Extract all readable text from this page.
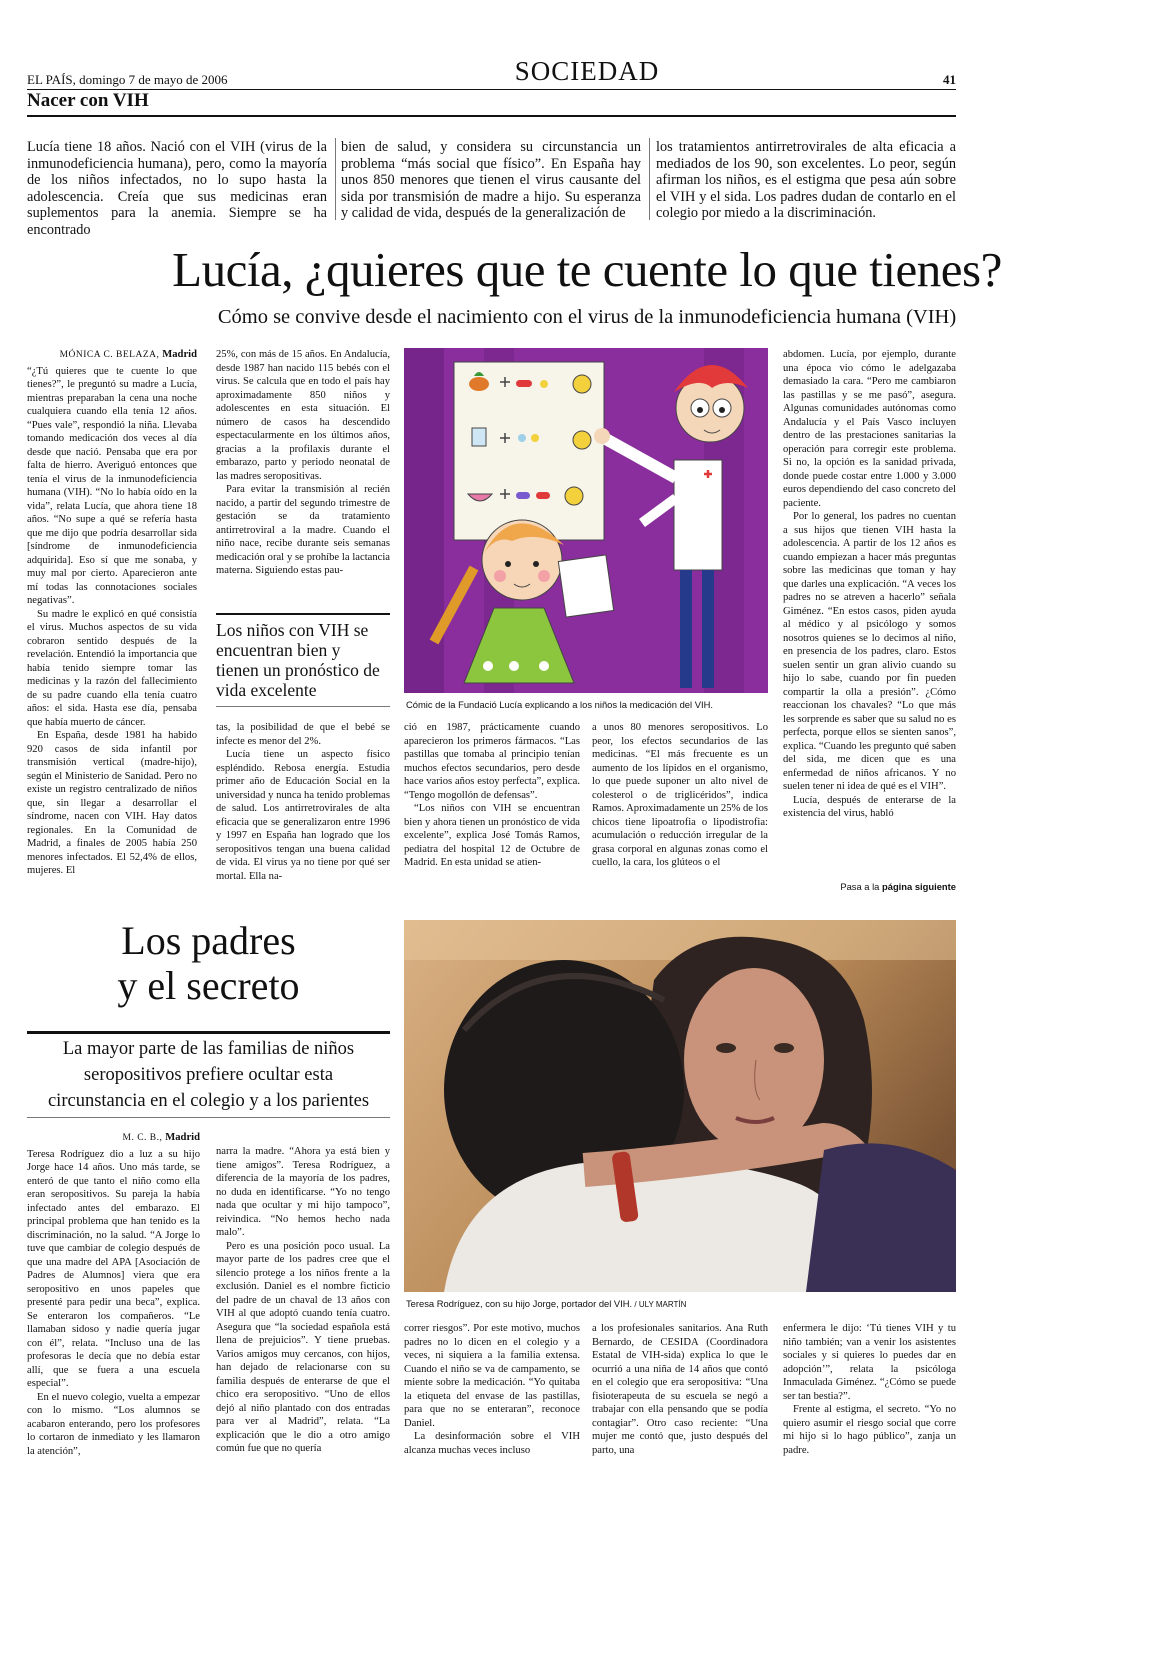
EL PAÍS, domingo 7 de mayo de 2006	SOCIEDAD	41
Nacer con VIH
Lucía tiene 18 años. Nació con el VIH (virus de la inmunodeficiencia humana), pero, como la mayoría de los niños infectados, no lo supo hasta la adolescencia. Creía que sus medicinas eran suplementos para la anemia. Siempre se ha encontrado
bien de salud, y considera su circunstancia un problema “más social que físico”. En España hay unos 850 menores que tienen el virus causante del sida por transmisión de madre a hijo. Su esperanza y calidad de vida, después de la generalización de
los tratamientos antirretrovirales de alta eficacia a mediados de los 90, son excelentes. Lo peor, según afirman los niños, es el estigma que pesa aún sobre el VIH y el sida. Los padres dudan de contarlo en el colegio por miedo a la discriminación.
Lucía, ¿quieres que te cuente lo que tienes?
Cómo se convive desde el nacimiento con el virus de la inmunodeficiencia humana (VIH)
MÓNICA C. BELAZA, Madrid

“¿Tú quieres que te cuente lo que tienes?”, le preguntó su madre a Lucía, mientras preparaban la cena una noche cualquiera cuando ella tenía 12 años. “Pues vale”, respondió la niña. Llevaba tomando medicación dos veces al día desde que nació. Pensaba que era por falta de hierro. Averiguó entonces que tenía el virus de la inmunodeficiencia humana (VIH). “No lo había oído en la vida”, relata Lucía, que ahora tiene 18 años. “No supe a qué se refería hasta que me dijo que podría desarrollar sida [síndrome de inmunodeficiencia adquirida]. Eso sí que me sonaba, y muy mal por cierto. Aparecieron ante mí todas las connotaciones sociales negativas”.

Su madre le explicó en qué consistía el virus. Muchos aspectos de su vida cobraron sentido después de la revelación. Entendió la importancia que había tenido siempre tomar las medicinas y la razón del fallecimiento de su padre cuando ella tenía cuatro años: el sida. Hasta ese día, pensaba que había muerto de cáncer.

En España, desde 1981 ha habido 920 casos de sida infantil por transmisión vertical (madre-hijo), según el Ministerio de Sanidad. Pero no existe un registro centralizado de niños que, sin llegar a desarrollar el síndrome, nacen con VIH. Hay datos regionales. En la Comunidad de Madrid, a finales de 2005 había 250 menores infectados. El 52,4% de ellos, mujeres. El

25%, con más de 15 años. En Andalucía, desde 1987 han nacido 115 bebés con el virus. Se calcula que en todo el país hay aproximadamente 850 niños y adolescentes en esta situación. El número de casos ha descendido espectacularmente en los últimos años, gracias a la profilaxis durante el embarazo, parto y periodo neonatal de las madres seropositivas.

Para evitar la transmisión al recién nacido, a partir del segundo trimestre de gestación se da tratamiento antirretroviral a la madre. Cuando el niño nace, recibe durante seis semanas medicación oral y se prohíbe la lactancia materna. Siguiendo estas pau-

Los niños con VIH se encuentran bien y tienen un pronóstico de vida excelente

tas, la posibilidad de que el bebé se infecte es menor del 2%.

Lucía tiene un aspecto físico espléndido. Rebosa energía. Estudia primer año de Educación Social en la universidad y nunca ha tenido problemas de salud. Los antirretrovirales de alta eficacia que se generalizaron entre 1996 y 1997 en España han logrado que los seropositivos tengan una buena calidad de vida. El virus ya no tiene por qué ser mortal. Ella na-

Cómic de la Fundació Lucía explicando a los niños la medicación del VIH.

ció en 1987, prácticamente cuando aparecieron los primeros fármacos. “Las pastillas que tomaba al principio tenían muchos efectos secundarios, pero desde hace varios años estoy perfecta”, explica. “Tengo mogollón de defensas”.

“Los niños con VIH se encuentran bien y ahora tienen un pronóstico de vida excelente”, explica José Tomás Ramos, pediatra del hospital 12 de Octubre de Madrid. En esta unidad se atien-

a unos 80 menores seropositivos. Lo peor, los efectos secundarios de las medicinas. “El más frecuente es un aumento de los lípidos en el organismo, lo que puede suponer un alto nivel de colesterol o de triglicéridos”, indica Ramos. Aproximadamente un 25% de los chicos tiene lipoatrofia o lipodistrofia: acumulación o reducción irregular de la grasa corporal en algunas zonas como el cuello, la cara, los glúteos o el

abdomen. Lucía, por ejemplo, durante una época vio cómo le adelgazaba demasiado la cara. “Pero me cambiaron las pastillas y se me pasó”, asegura. Algunas comunidades autónomas como Andalucía y el País Vasco incluyen dentro de las prestaciones sanitarias la operación para corregir este problema. Si no, la opción es la sanidad privada, donde puede costar entre 1.000 y 3.000 euros dependiendo del caso concreto del paciente.

Por lo general, los padres no cuentan a sus hijos que tienen VIH hasta la adolescencia. A partir de los 12 años es cuando empiezan a hacer más preguntas sobre las medicinas que toman y hay que darles una explicación. “A veces los padres no se atreven a hacerlo” señala Giménez. “En estos casos, piden ayuda al médico y al psicólogo y somos nosotros quienes se lo decimos al niño, en presencia de los padres, claro. Estos suelen sentir un gran alivio cuando su hijo lo sabe, cuando por fin pueden compartir la olla a presión”. ¿Cómo reaccionan los chavales? “Lo que más les sorprende es saber que su salud no es perfecta, porque ellos se sienten sanos”, explica. “Cuando les pregunto qué saben del sida, me dicen que es una enfermedad de niños africanos. Y no suelen tener ni idea de qué es el VIH”.

Lucía, después de enterarse de la existencia del virus, habló

Pasa a la página siguiente
Los padres
y el secreto
La mayor parte de las familias de niños
seropositivos prefiere ocultar esta
circunstancia en el colegio y a los parientes
Teresa Rodríguez, con su hijo Jorge, portador del VIH. / ULY MARTÍN
M. C. B., Madrid

Teresa Rodríguez dio a luz a su hijo Jorge hace 14 años. Uno más tarde, se enteró de que tanto el niño como ella eran seropositivos. Su pareja la había infectado antes del embarazo. El principal problema que han tenido es la discriminación, no la salud. “A Jorge lo tuve que cambiar de colegio después de que una madre del APA [Asociación de Padres de Alumnos] viera que era seropositivo en unos papeles que presenté para pedir una beca”, explica. Se enteraron los compañeros. “Le llamaban sidoso y nadie quería jugar con él”, relata. “Incluso una de las profesoras le decía que no debía estar allí, que se fuera a una escuela especial”.

En el nuevo colegio, vuelta a empezar con lo mismo. “Los alumnos se acabaron enterando, pero los profesores lo cortaron de inmediato y les llamaron la atención”,

narra la madre. “Ahora ya está bien y tiene amigos”. Teresa Rodríguez, a diferencia de la mayoría de los padres, no duda en identificarse. “Yo no tengo nada que ocultar y mi hijo tampoco”, reivindica. “No hemos hecho nada malo”.

Pero es una posición poco usual. La mayor parte de los padres cree que el silencio protege a los niños frente a la exclusión. Daniel es el nombre ficticio del padre de un chaval de 13 años con VIH al que adoptó cuando tenía cuatro. Asegura que “la sociedad española está llena de prejuicios”. Y tiene pruebas. Varios amigos muy cercanos, con hijos, han dejado de relacionarse con su familia después de enterarse de que el chico era seropositivo. “Uno de ellos dejó al niño plantado con dos entradas para ver al Madrid”, relata. “La explicación que le dio a otro amigo común fue que no quería

correr riesgos”. Por este motivo, muchos padres no lo dicen en el colegio y a veces, ni siquiera a la familia extensa. Cuando el niño se va de campamento, se miente sobre la medicación. “Yo quitaba la etiqueta del envase de las pastillas, para que no se enteraran”, reconoce Daniel.

La desinformación sobre el VIH alcanza muchas veces incluso

a los profesionales sanitarios. Ana Ruth Bernardo, de CESIDA (Coordinadora Estatal de VIH-sida) explica lo que le ocurrió a una niña de 14 años que contó en el colegio que era seropositiva: “Una fisioterapeuta de su escuela se negó a trabajar con ella pensando que se podía contagiar”. Otro caso reciente: “Una mujer me contó que, justo después del parto, una

enfermera le dijo: ‘Tú tienes VIH y tu niño también; van a venir los asistentes sociales y si quieres lo puedes dar en adopción’”, relata la psicóloga Inmaculada Giménez. “¿Cómo se puede ser tan bestia?”.

Frente al estigma, el secreto. “Yo no quiero asumir el riesgo social que corre mi hijo si lo hago público”, zanja un padre.
